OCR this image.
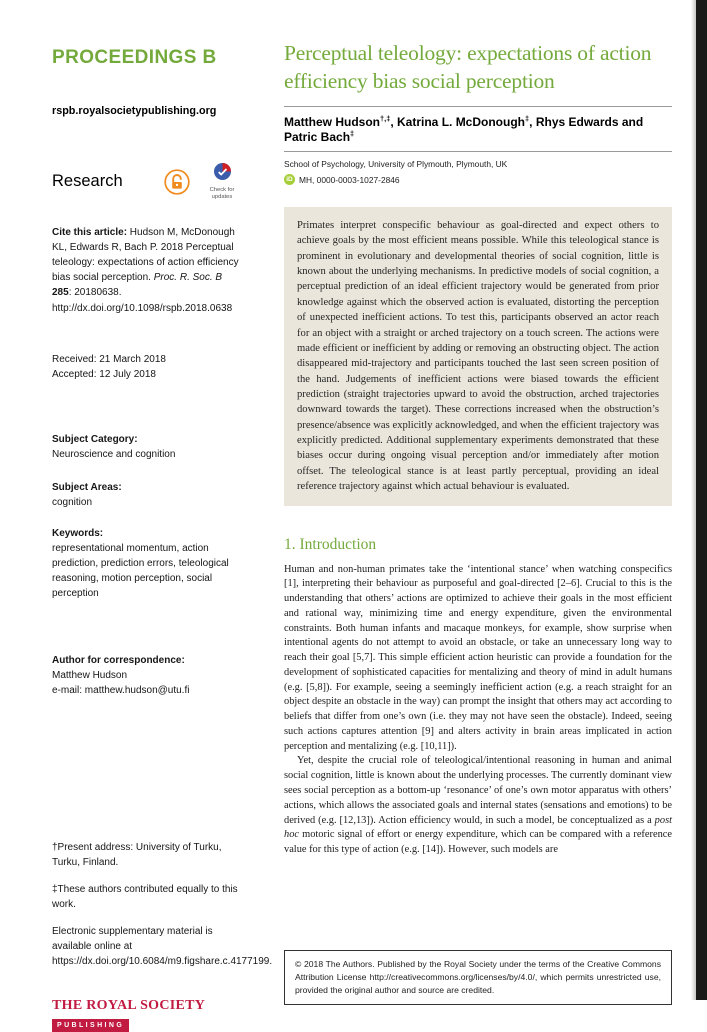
PROCEEDINGS B
rspb.royalsocietypublishing.org
Research	Check for updates
Cite this article: Hudson M, McDonough KL, Edwards R, Bach P. 2018 Perceptual teleology: expectations of action efficiency bias social perception. Proc. R. Soc. B 285: 20180638.
http://dx.doi.org/10.1098/rspb.2018.0638
Received: 21 March 2018
Accepted: 12 July 2018
Subject Category:
Neuroscience and cognition
Subject Areas:
cognition
Keywords:
representational momentum, action prediction, prediction errors, teleological reasoning, motion perception, social perception
Author for correspondence:
Matthew Hudson
e-mail: matthew.hudson@utu.fi
†Present address: University of Turku, Turku, Finland.
‡These authors contributed equally to this work.
Electronic supplementary material is available online at https://dx.doi.org/10.6084/m9.figshare.c.4177199.
THE ROYAL SOCIETY
PUBLISHING
Perceptual teleology: expectations of action efficiency bias social perception
Matthew Hudson†,‡, Katrina L. McDonough‡, Rhys Edwards and Patric Bach‡
School of Psychology, University of Plymouth, Plymouth, UK
iD MH, 0000-0003-1027-2846
Primates interpret conspecific behaviour as goal-directed and expect others to achieve goals by the most efficient means possible. While this teleological stance is prominent in evolutionary and developmental theories of social cognition, little is known about the underlying mechanisms. In predictive models of social cognition, a perceptual prediction of an ideal efficient trajectory would be generated from prior knowledge against which the observed action is evaluated, distorting the perception of unexpected inefficient actions. To test this, participants observed an actor reach for an object with a straight or arched trajectory on a touch screen. The actions were made efficient or inefficient by adding or removing an obstructing object. The action disappeared mid-trajectory and participants touched the last seen screen position of the hand. Judgements of inefficient actions were biased towards the efficient prediction (straight trajectories upward to avoid the obstruction, arched trajectories downward towards the target). These corrections increased when the obstruction’s presence/absence was explicitly acknowledged, and when the efficient trajectory was explicitly predicted. Additional supplementary experiments demonstrated that these biases occur during ongoing visual perception and/or immediately after motion offset. The teleological stance is at least partly perceptual, providing an ideal reference trajectory against which actual behaviour is evaluated.
1. Introduction

Human and non-human primates take the ‘intentional stance’ when watching conspecifics [1], interpreting their behaviour as purposeful and goal-directed [2–6]. Crucial to this is the understanding that others’ actions are optimized to achieve their goals in the most efficient and rational way, minimizing time and energy expenditure, given the environmental constraints. Both human infants and macaque monkeys, for example, show surprise when intentional agents do not attempt to avoid an obstacle, or take an unnecessary long way to reach their goal [5,7]. This simple efficient action heuristic can provide a foundation for the development of sophisticated capacities for mentalizing and theory of mind in adult humans (e.g. [5,8]). For example, seeing a seemingly inefficient action (e.g. a reach straight for an object despite an obstacle in the way) can prompt the insight that others may act according to beliefs that differ from one’s own (i.e. they may not have seen the obstacle). Indeed, seeing such actions captures attention [9] and alters activity in brain areas implicated in action perception and mentalizing (e.g. [10,11]).

Yet, despite the crucial role of teleological/intentional reasoning in human and animal social cognition, little is known about the underlying processes. The currently dominant view sees social perception as a bottom-up ‘resonance’ of one’s own motor apparatus with others’ actions, which allows the associated goals and internal states (sensations and emotions) to be derived (e.g. [12,13]). Action efficiency would, in such a model, be conceptualized as a post hoc motoric signal of effort or energy expenditure, which can be compared with a reference value for this type of action (e.g. [14]). However, such models are

© 2018 The Authors. Published by the Royal Society under the terms of the Creative Commons Attribution License http://creativecommons.org/licenses/by/4.0/, which permits unrestricted use, provided the original author and source are credited.
